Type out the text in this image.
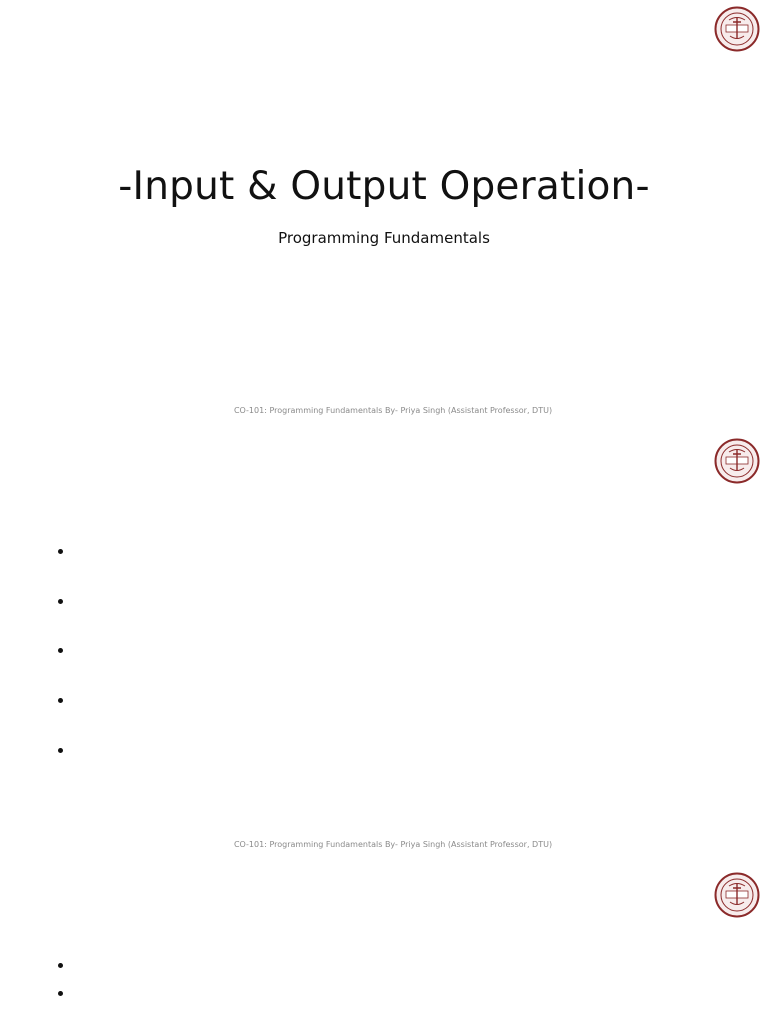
-Input & Output Operation-

Programming Fundamentals

CO-101: Programming Fundamentals By- Priya Singh (Assistant Professor, DTU)
CO-101: Programming Fundamentals By- Priya Singh (Assistant Professor, DTU)
